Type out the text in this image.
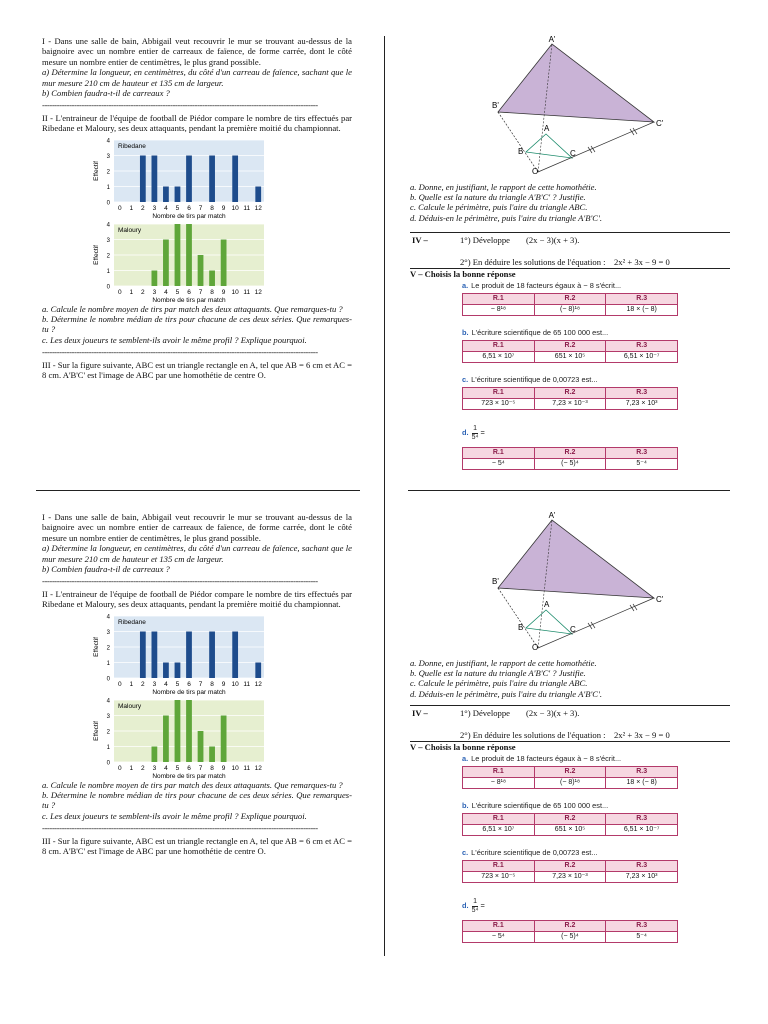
I - Dans une salle de bain, Abbigail veut recouvrir le mur se trouvant au-dessus de la baignoire avec un nombre entier de carreaux de faïence, de forme carrée, dont le côté mesure un nombre entier de centimètres, le plus grand possible.

a) Détermine la longueur, en centimètres, du côté d'un carreau de faïence, sachant que le mur mesure 210 cm de hauteur et 135 cm de largeur.

b) Combien faudra-t-il de carreaux ?

----------------------------------------------------------------------------------------------------------------

II - L'entraineur de l'équipe de football de Piédor compare le nombre de tirs effectués par Ribedane et Maloury, ses deux attaquants, pendant la première moitié du championnat.

0
1
2
3
4
0 1 2 3 4 5 6 7 8 9 10 11 12
Ribedane
Nombre de tirs par match
Effectif
0
1
2
3
4
0 1 2 3 4 5 6 7 8 9 10 11 12
Maloury
Nombre de tirs par match
Effectif

a. Calcule le nombre moyen de tirs par match des deux attaquants. Que remarques-tu ?

b. Détermine le nombre médian de tirs pour chacune de ces deux séries. Que remarques-tu ?

c. Les deux joueurs te semblent-ils avoir le même profil ? Explique pourquoi.

----------------------------------------------------------------------------------------------------------------

III - Sur la figure suivante, ABC est un triangle rectangle en A, tel que AB = 6 cm et AC = 8 cm. A'B'C' est l'image de ABC par une homothétie de centre O.

A'
B'
C'
A
B	C
O
a. Donne, en justifiant, le rapport de cette homothétie.
b. Quelle est la nature du triangle A'B'C' ? Justifie.
c. Calcule le périmètre, puis l'aire du triangle ABC.
d. Déduis-en le périmètre, puis l'aire du triangle A'B'C'.
IV –	1°) Développe (2x − 3)(x + 3).
2°) En déduire les solutions de l'équation : 2x² + 3x − 9 = 0
V – Choisis la bonne réponse
a. Le produit de 18 facteurs égaux à − 8 s'écrit...
R.1	R.2	R.3
− 8¹⁸	(− 8)¹⁸	18 × (− 8)
b. L'écriture scientifique de 65 100 000 est...
R.1	R.2	R.3
6,51 × 10⁷	651 × 10⁵	6,51 × 10⁻⁷
c. L'écriture scientifique de 0,00723 est...
R.1	R.2	R.3
723 × 10⁻⁵	7,23 × 10⁻³	7,23 × 10³
d. $\frac{1}{\text{5⁴}}$ =
R.1	R.2	R.3
− 5⁴	(− 5)⁴	5⁻⁴

I - Dans une salle de bain, Abbigail veut recouvrir le mur se trouvant au-dessus de la baignoire avec un nombre entier de carreaux de faïence, de forme carrée, dont le côté mesure un nombre entier de centimètres, le plus grand possible.

a) Détermine la longueur, en centimètres, du côté d'un carreau de faïence, sachant que le mur mesure 210 cm de hauteur et 135 cm de largeur.

b) Combien faudra-t-il de carreaux ?

----------------------------------------------------------------------------------------------------------------

II - L'entraineur de l'équipe de football de Piédor compare le nombre de tirs effectués par Ribedane et Maloury, ses deux attaquants, pendant la première moitié du championnat.

0
1
2
3
4
0 1 2 3 4 5 6 7 8 9 10 11 12
Ribedane
Nombre de tirs par match
Effectif
0
1
2
3
4
0 1 2 3 4 5 6 7 8 9 10 11 12
Maloury
Nombre de tirs par match
Effectif

a. Calcule le nombre moyen de tirs par match des deux attaquants. Que remarques-tu ?

b. Détermine le nombre médian de tirs pour chacune de ces deux séries. Que remarques-tu ?

c. Les deux joueurs te semblent-ils avoir le même profil ? Explique pourquoi.

----------------------------------------------------------------------------------------------------------------

III - Sur la figure suivante, ABC est un triangle rectangle en A, tel que AB = 6 cm et AC = 8 cm. A'B'C' est l'image de ABC par une homothétie de centre O.

A'
B'
C'
A
B	C
O
a. Donne, en justifiant, le rapport de cette homothétie.
b. Quelle est la nature du triangle A'B'C' ? Justifie.
c. Calcule le périmètre, puis l'aire du triangle ABC.
d. Déduis-en le périmètre, puis l'aire du triangle A'B'C'.
IV –	1°) Développe (2x − 3)(x + 3).
2°) En déduire les solutions de l'équation : 2x² + 3x − 9 = 0
V – Choisis la bonne réponse
a. Le produit de 18 facteurs égaux à − 8 s'écrit...
R.1	R.2	R.3
− 8¹⁸	(− 8)¹⁸	18 × (− 8)
b. L'écriture scientifique de 65 100 000 est...
R.1	R.2	R.3
6,51 × 10⁷	651 × 10⁵	6,51 × 10⁻⁷
c. L'écriture scientifique de 0,00723 est...
R.1	R.2	R.3
723 × 10⁻⁵	7,23 × 10⁻³	7,23 × 10³
d. $\frac{1}{\text{5⁴}}$ =
R.1	R.2	R.3
− 5⁴	(− 5)⁴	5⁻⁴
